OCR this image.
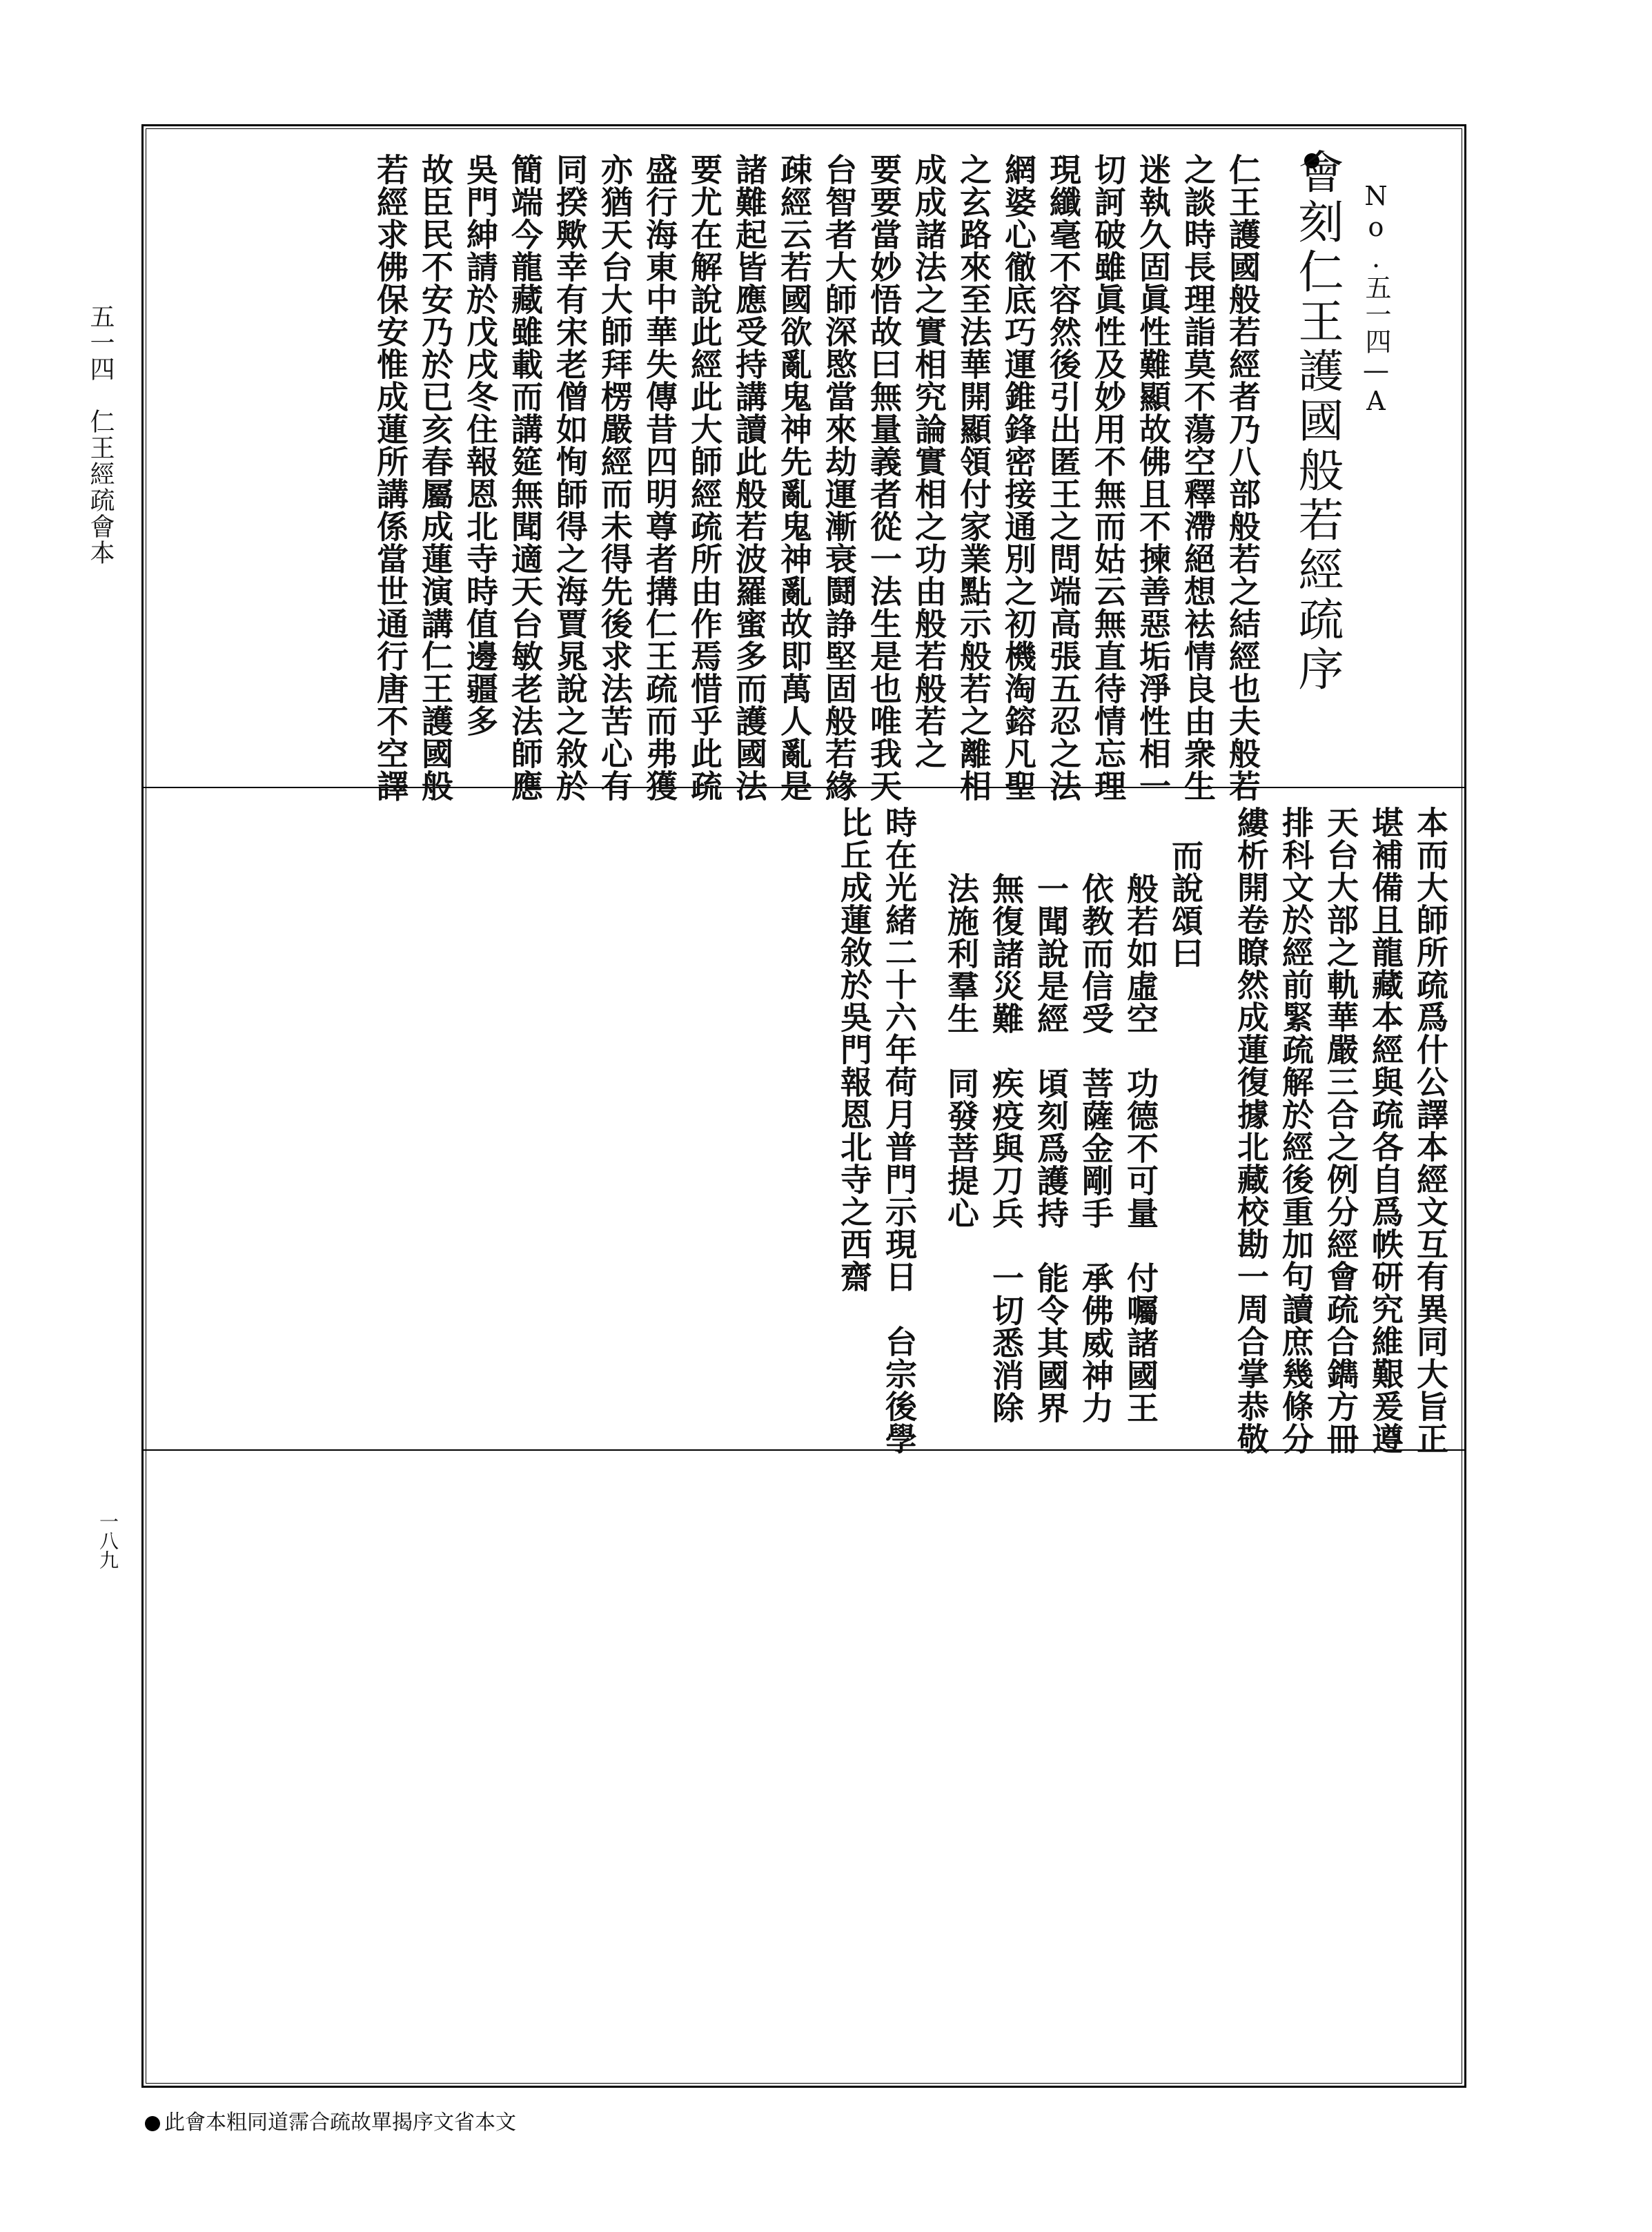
五一四　仁王經疏會本
一八九
No.五一四—A
會刻仁王護國般若經疏序
仁王護國般若經者乃八部般若之結經也夫般若
之談時長理詣莫不蕩空釋滯絕想袪情良由衆生
迷執久固眞性難顯故佛且不揀善惡垢淨性相一
切訶破雖眞性及妙用不無而姑云無直待情忘理
現纖毫不容然後引出匿王之問端高張五忍之法
網婆心徹底巧運錐鋒密接通別之初機淘鎔凡聖
之玄路來至法華開顯領付家業點示般若之離相
成成諸法之實相究論實相之功由般若般若之
要要當妙悟故曰無量義者從一法生是也唯我天
台智者大師深愍當來劫運漸衰鬪諍堅固般若緣
疎經云若國欲亂鬼神先亂鬼神亂故即萬人亂是
諸難起皆應受持講讀此般若波羅蜜多而護國法
要尤在解說此經此大師經疏所由作焉惜乎此疏
盛行海東中華失傳昔四明尊者搆仁王疏而弗獲
亦猶天台大師拜楞嚴經而未得先後求法苦心有
同揆歟幸有宋老僧如恂師得之海賈晁說之敘於
簡端今龍藏雖載而講筵無聞適天台敏老法師應
吳門紳請於戊戌冬住報恩北寺時值邊疆多
故臣民不安乃於已亥春屬成蓮演講仁王護國般
若經求佛保安惟成蓮所講係當世通行唐不空譯
本而大師所疏爲什公譯本經文互有異同大旨正
堪補備且龍藏本經與疏各自爲帙研究維艱爰遵
天台大部之軌華嚴三合之例分經會疏合鐫方冊
排科文於經前緊疏解於經後重加句讀庶幾條分
縷析開卷瞭然成蓮復據北藏校勘一周合掌恭敬
而說頌曰
般若如虛空　功德不可量　付囑諸國王
依教而信受　菩薩金剛手　承佛威神力
一聞說是經　頃刻爲護持　能令其國界
無復諸災難　疾疫與刀兵　一切悉消除
法施利羣生　同發菩提心
時在光緒二十六年荷月普門示現日　台宗後學
比丘成蓮敘於吳門報恩北寺之西齋
此會本粗同道霈合疏故單揭序文省本文
